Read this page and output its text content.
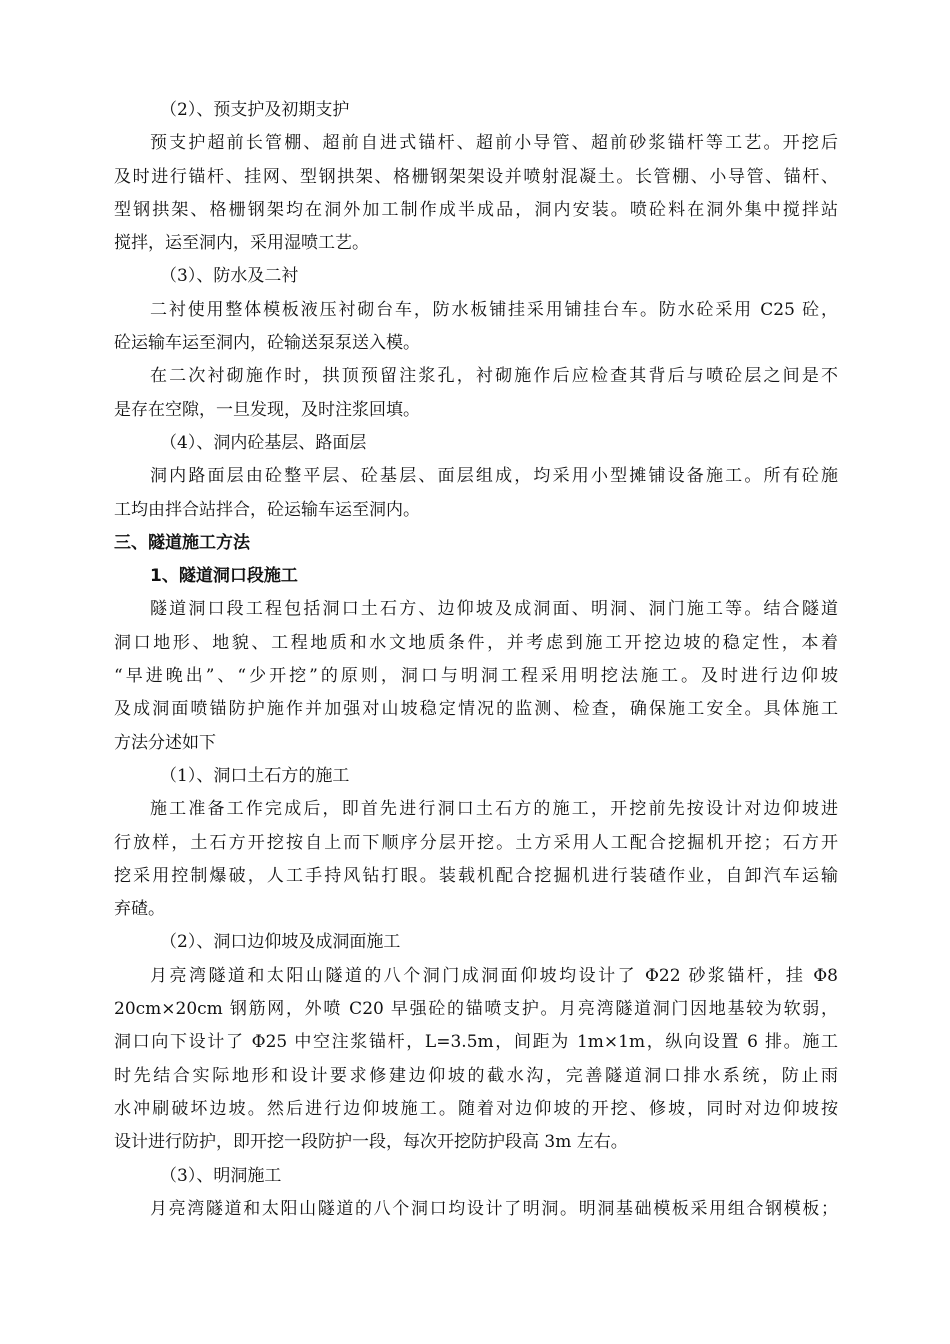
（2）、预支护及初期支护
预支护超前长管棚、超前自进式锚杆、超前小导管、超前砂浆锚杆等工艺。开挖后
及时进行锚杆、挂网、型钢拱架、格栅钢架架设并喷射混凝土。长管棚、小导管、锚杆、
型钢拱架、格栅钢架均在洞外加工制作成半成品，洞内安装。喷砼料在洞外集中搅拌站
搅拌，运至洞内，采用湿喷工艺。
（3）、防水及二衬
二衬使用整体模板液压衬砌台车，防水板铺挂采用铺挂台车。防水砼采用 C25 砼，
砼运输车运至洞内，砼输送泵泵送入模。
在二次衬砌施作时，拱顶预留注浆孔，衬砌施作后应检查其背后与喷砼层之间是不
是存在空隙，一旦发现，及时注浆回填。
（4）、洞内砼基层、路面层
洞内路面层由砼整平层、砼基层、面层组成，均采用小型摊铺设备施工。所有砼施
工均由拌合站拌合，砼运输车运至洞内。
三、隧道施工方法
1、隧道洞口段施工
隧道洞口段工程包括洞口土石方、边仰坡及成洞面、明洞、洞门施工等。结合隧道
洞口地形、地貌、工程地质和水文地质条件，并考虑到施工开挖边坡的稳定性，本着
“早进晚出”、“少开挖”的原则，洞口与明洞工程采用明挖法施工。及时进行边仰坡
及成洞面喷锚防护施作并加强对山坡稳定情况的监测、检查，确保施工安全。具体施工
方法分述如下
（1）、洞口土石方的施工
施工准备工作完成后，即首先进行洞口土石方的施工，开挖前先按设计对边仰坡进
行放样，土石方开挖按自上而下顺序分层开挖。土方采用人工配合挖掘机开挖；石方开
挖采用控制爆破，人工手持风钻打眼。装载机配合挖掘机进行装碴作业，自卸汽车运输
弃碴。
（2）、洞口边仰坡及成洞面施工
月亮湾隧道和太阳山隧道的八个洞门成洞面仰坡均设计了 Φ22 砂浆锚杆，挂 Φ8
20cm×20cm 钢筋网，外喷 C20 早强砼的锚喷支护。月亮湾隧道洞门因地基较为软弱，
洞口向下设计了 Φ25 中空注浆锚杆，L=3.5m，间距为 1m×1m，纵向设置 6 排。施工
时先结合实际地形和设计要求修建边仰坡的截水沟，完善隧道洞口排水系统，防止雨
水冲刷破坏边坡。然后进行边仰坡施工。随着对边仰坡的开挖、修坡，同时对边仰坡按
设计进行防护，即开挖一段防护一段，每次开挖防护段高 3m 左右。
（3）、明洞施工
月亮湾隧道和太阳山隧道的八个洞口均设计了明洞。明洞基础模板采用组合钢模板；
